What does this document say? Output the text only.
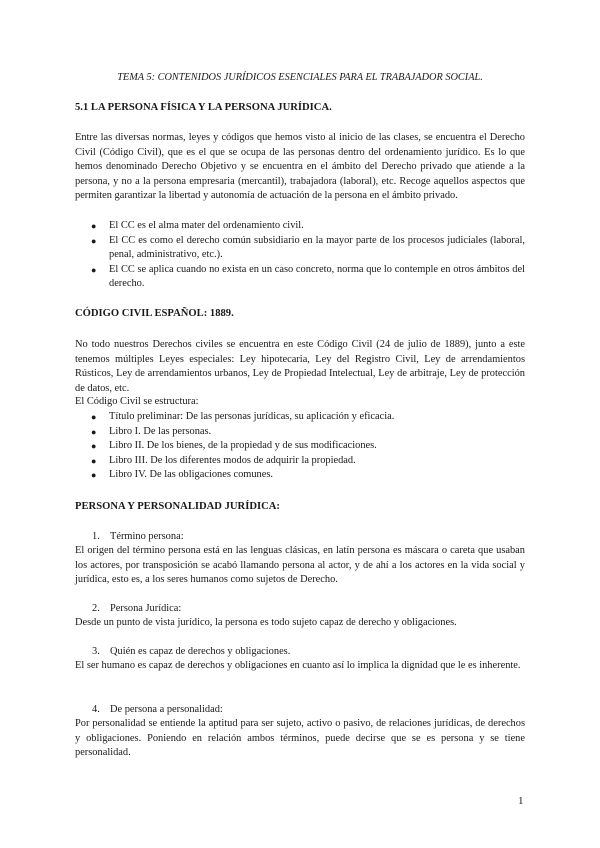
TEMA 5: CONTENIDOS JURÍDICOS ESENCIALES PARA EL TRABAJADOR SOCIAL.
5.1 LA PERSONA FÍSICA Y LA PERSONA JURÍDICA.
Entre las diversas normas, leyes y códigos que hemos visto al inicio de las clases, se encuentra el Derecho Civil (Código Civil), que es el que se ocupa de las personas dentro del ordenamiento jurídico. Es lo que hemos denominado Derecho Objetivo y se encuentra en el ámbito del Derecho privado que atiende a la persona, y no a la persona empresaria (mercantil), trabajadora (laboral), etc. Recoge aquellos aspectos que permiten garantizar la libertad y autonomía de actuación de la persona en el ámbito privado.
● El CC es el alma mater del ordenamiento civil.
● El CC es como el derecho común subsidiario en la mayor parte de los procesos judiciales (laboral, penal, administrativo, etc.).
● El CC se aplica cuando no exista en un caso concreto, norma que lo contemple en otros ámbitos del derecho.
CÓDIGO CIVIL ESPAÑOL: 1889.
No todo nuestros Derechos civiles se encuentra en este Código Civil (24 de julio de 1889), junto a este tenemos múltiples Leyes especiales: Ley hipotecaria, Ley del Registro Civil, Ley de arrendamientos Rústicos, Ley de arrendamientos urbanos, Ley de Propiedad Intelectual, Ley de arbitraje, Ley de protección de datos, etc.
El Código Civil se estructura:
● Título preliminar: De las personas jurídicas, su aplicación y eficacia.
● Libro I. De las personas.
● Libro II. De los bienes, de la propiedad y de sus modificaciones.
● Libro III. De los diferentes modos de adquirir la propiedad.
● Libro IV. De las obligaciones comunes.
PERSONA Y PERSONALIDAD JURÍDICA:
1. Término persona:
El origen del término persona está en las lenguas clásicas, en latín persona es máscara o careta que usaban los actores, por transposición se acabó llamando persona al actor, y de ahí a los actores en la vida social y jurídica, esto es, a los seres humanos como sujetos de Derecho.
2. Persona Jurídica:
Desde un punto de vista jurídico, la persona es todo sujeto capaz de derecho y obligaciones.
3. Quién es capaz de derechos y obligaciones.
El ser humano es capaz de derechos y obligaciones en cuanto así lo implica la dignidad que le es inherente.
4. De persona a personalidad:
Por personalidad se entiende la aptitud para ser sujeto, activo o pasivo, de relaciones jurídicas, de derechos y obligaciones. Poniendo en relación ambos términos, puede decirse que se es persona y se tiene personalidad.
1
